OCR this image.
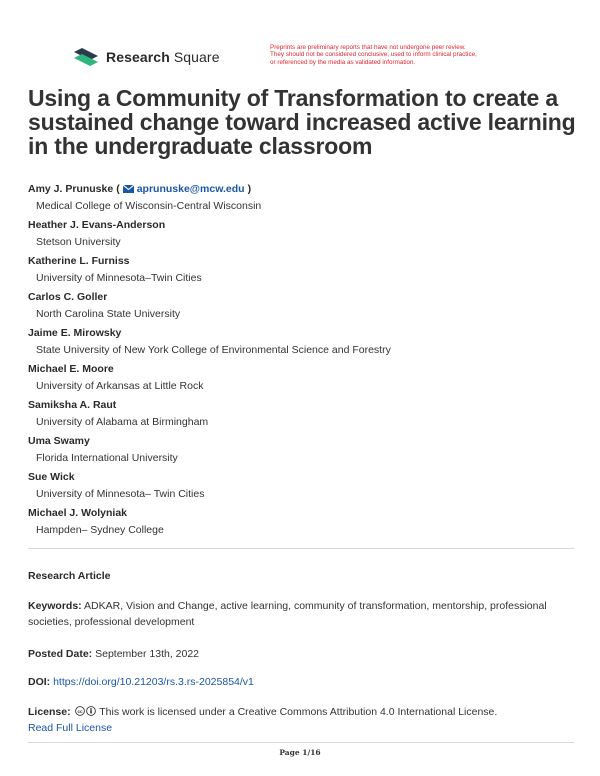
Research Square
Preprints are preliminary reports that have not undergone peer review.
They should not be considered conclusive, used to inform clinical practice,
or referenced by the media as validated information.
Using a Community of Transformation to create a sustained change toward increased active learning in the undergraduate classroom
Amy J. Prunuske ( aprunuske@mcw.edu )
Medical College of Wisconsin-Central Wisconsin
Heather J. Evans-Anderson
Stetson University
Katherine L. Furniss
University of Minnesota–Twin Cities
Carlos C. Goller
North Carolina State University
Jaime E. Mirowsky
State University of New York College of Environmental Science and Forestry
Michael E. Moore
University of Arkansas at Little Rock
Samiksha A. Raut
University of Alabama at Birmingham
Uma Swamy
Florida International University
Sue Wick
University of Minnesota– Twin Cities
Michael J. Wolyniak
Hampden– Sydney College
Research Article
Keywords: ADKAR, Vision and Change, active learning, community of transformation, mentorship, professional societies, professional development
Posted Date: September 13th, 2022
DOI: https://doi.org/10.21203/rs.3.rs-2025854/v1
License: cc This work is licensed under a Creative Commons Attribution 4.0 International License.
Read Full License
Page 1/16
